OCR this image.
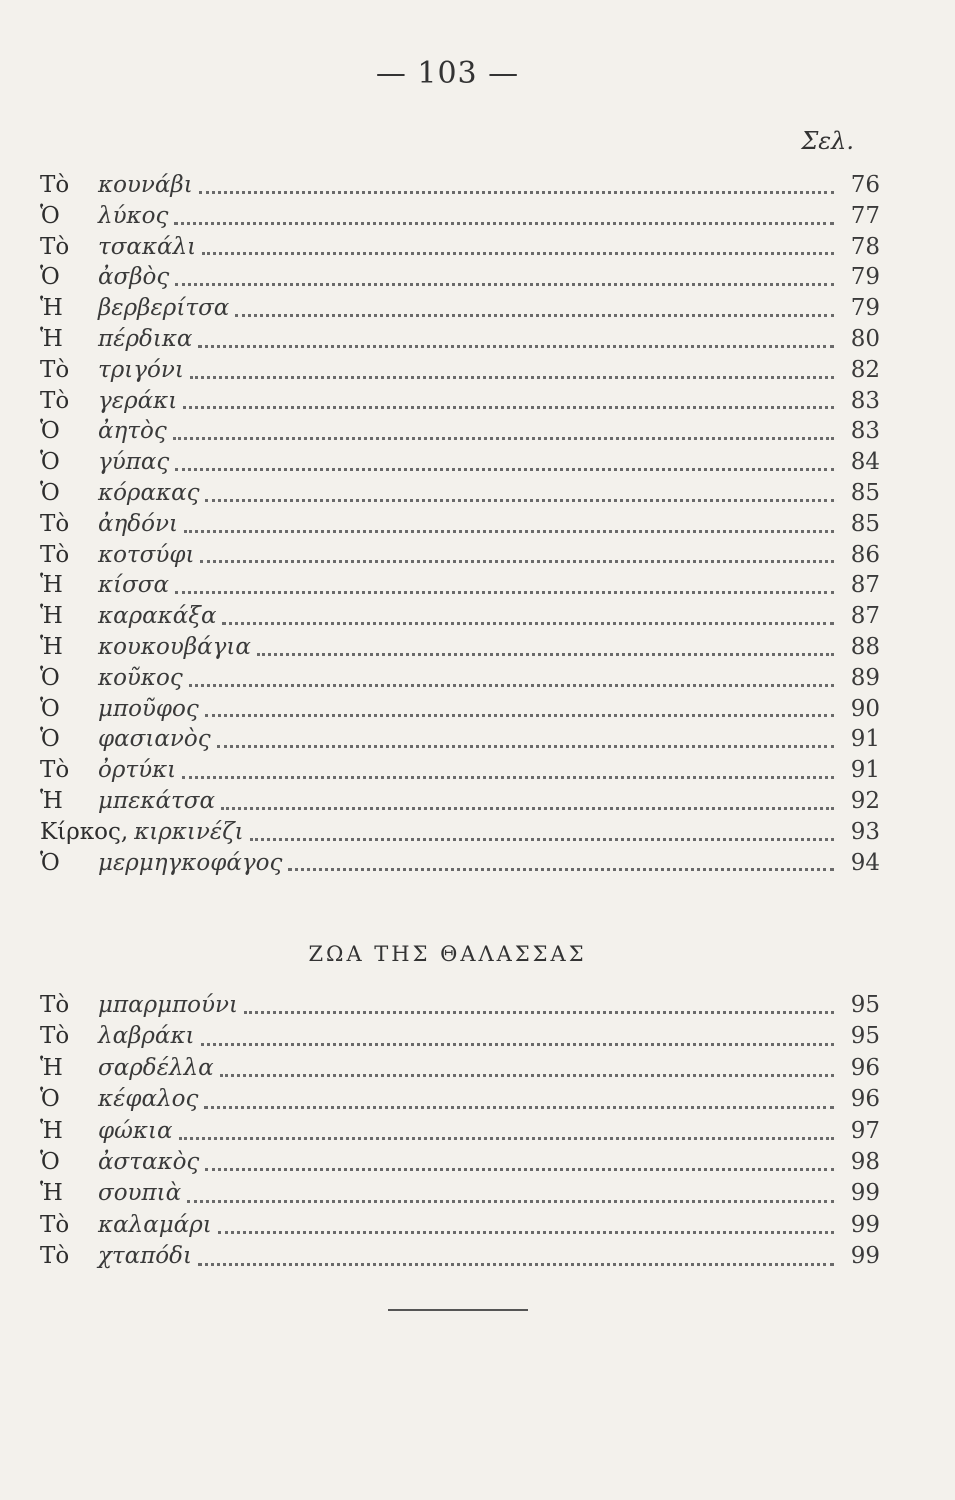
— 103 —
Σελ.
Τὸ	κουνάβι	76
Ὁ	λύκος	77
Τὸ	τσακάλι	78
Ὁ	ἀσβὸς	79
Ἡ	βερβερίτσα	79
Ἡ	πέρδικα	80
Τὸ	τριγόνι	82
Τὸ	γεράκι	83
Ὁ	ἀητὸς	83
Ὁ	γύπας	84
Ὁ	κόρακας	85
Τὸ	ἀηδόνι	85
Τὸ	κοτσύφι	86
Ἡ	κίσσα	87
Ἡ	καρακάξα	87
Ἡ	κουκουβάγια	88
Ὁ	κοῦκος	89
Ὁ	μποῦφος	90
Ὁ	φασιανὸς	91
Τὸ	ὀρτύκι	91
Ἡ	μπεκάτσα	92
Κίρκος, κιρκινέζι	93
Ὁ	μερμηγκοφάγος	94
ΖΩΑ ΤΗΣ ΘΑΛΑΣΣΑΣ
Τὸ	μπαρμπούνι	95
Τὸ	λαβράκι	95
Ἡ	σαρδέλλα	96
Ὁ	κέφαλος	96
Ἡ	φώκια	97
Ὁ	ἀστακὸς	98
Ἡ	σουπιὰ	99
Τὸ	καλαμάρι	99
Τὸ	χταπόδι	99
